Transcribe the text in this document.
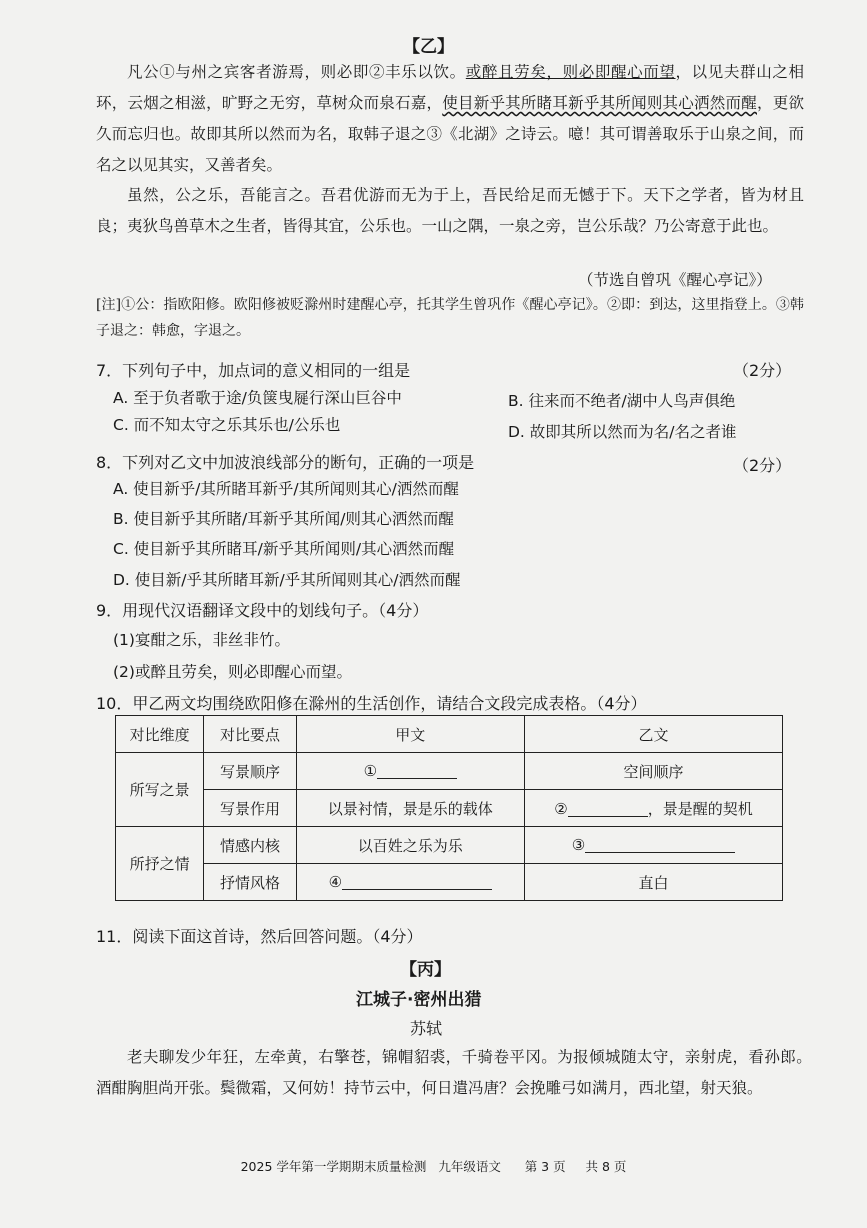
【乙】
凡公①与州之宾客者游焉，则必即②丰乐以饮。或醉且劳矣，则必即醒心而望，以见夫群山之相环，云烟之相滋，旷野之无穷，草树众而泉石嘉，使目新乎其所睹耳新乎其所闻则其心洒然而醒，更欲久而忘归也。故即其所以然而为名，取韩子退之③《北湖》之诗云。噫！其可谓善取乐于山泉之间，而名之以见其实，又善者矣。
虽然，公之乐，吾能言之。吾君优游而无为于上，吾民给足而无憾于下。天下之学者，皆为材且良；夷狄鸟兽草木之生者，皆得其宜，公乐也。一山之隅，一泉之旁，岂公乐哉？乃公寄意于此也。
（节选自曾巩《醒心亭记》）
[注]①公：指欧阳修。欧阳修被贬滁州时建醒心亭，托其学生曾巩作《醒心亭记》。②即：到达，这里指登上。③韩子退之：韩愈，字退之。
7．下列句子中，加点词的意义相同的一组是	（2分）
A. 至于负者歌于途/负箧曳屣行深山巨谷中	B. 往来而不绝者/湖中人鸟声俱绝
C. 而不知太守之乐其乐也/公乐也	D. 故即其所以然而为名/名之者谁
8．下列对乙文中加波浪线部分的断句，正确的一项是	（2分）
A. 使目新乎/其所睹耳新乎/其所闻则其心/洒然而醒
B. 使目新乎其所睹/耳新乎其所闻/则其心洒然而醒
C. 使目新乎其所睹耳/新乎其所闻则/其心洒然而醒
D. 使目新/乎其所睹耳新/乎其所闻则其心/洒然而醒
9．用现代汉语翻译文段中的划线句子。（4分）
(1)宴酣之乐，非丝非竹。
(2)或醉且劳矣，则必即醒心而望。
10．甲乙两文均围绕欧阳修在滁州的生活创作，请结合文段完成表格。（4分）
对比维度	对比要点	甲文	乙文
所写之景	写景顺序	①	空间顺序
	写景作用	以景衬情，景是乐的载体	② ，景是醒的契机
所抒之情	情感内核	以百姓之乐为乐	③
	抒情风格	④	直白
11．阅读下面这首诗，然后回答问题。（4分）
【丙】
江城子·密州出猎
苏轼
老夫聊发少年狂，左牵黄，右擎苍，锦帽貂裘，千骑卷平冈。为报倾城随太守，亲射虎，看孙郎。　酒酣胸胆尚开张。鬓微霜，又何妨！持节云中，何日遣冯唐？会挽雕弓如满月，西北望，射天狼。
2025 学年第一学期期末质量检测 九年级语文 第 3 页 共 8 页
